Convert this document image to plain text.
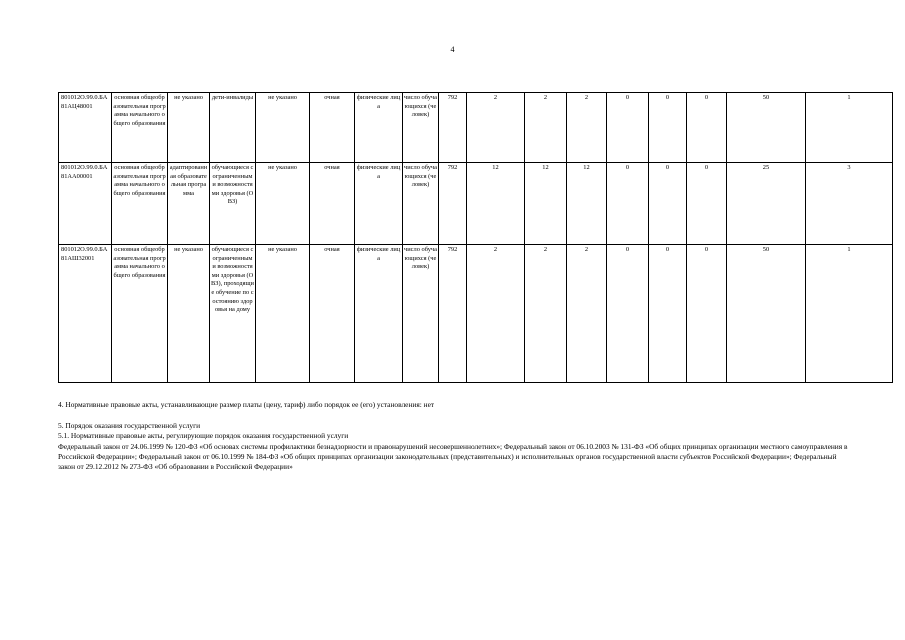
4
801012О.99.0.БА81АЦ48001	основная общеобразовательная программа начального общего образования	не указано	дети-инвалиды	не указано	очная	физические лица	число обучающихся (человек)	792	2	2	2	0	0	0	50	1
801012О.99.0.БА81АА00001	основная общеобразовательная программа начального общего образования	адаптированная образовательная программа	обучающиеся с ограниченными возможностями здоровья (ОВЗ)	не указано	очная	физические лица	число обучающихся (человек)	792	12	12	12	0	0	0	25	3
801012О.99.0.БА81АШ32001	основная общеобразовательная программа начального общего образования	не указано	обучающиеся с ограниченными возможностями здоровья (ОВЗ), проходящие обучение по состоянию здоровья на дому	не указано	очная	физические лица	число обучающихся (человек)	792	2	2	2	0	0	0	50	1

4. Нормативные правовые акты, устанавливающие размер платы (цену, тариф) либо порядок ее (его) установления: нет

5. Порядок оказания государственной услуги

5.1. Нормативные правовые акты, регулирующие порядок оказания государственной услуги

Федеральный закон от 24.06.1999 № 120-ФЗ «Об основах системы профилактики безнадзорности и правонарушений несовершеннолетних»; Федеральный закон от 06.10.2003 № 131-ФЗ «Об общих принципах организации местного самоуправления в Российской Федерации»; Федеральный закон от 06.10.1999 № 184-ФЗ «Об общих принципах организации законодательных (представительных) и исполнительных органов государственной власти субъектов Российской Федерации»; Федеральный закон от 29.12.2012 № 273-ФЗ «Об образовании в Российской Федерации»
